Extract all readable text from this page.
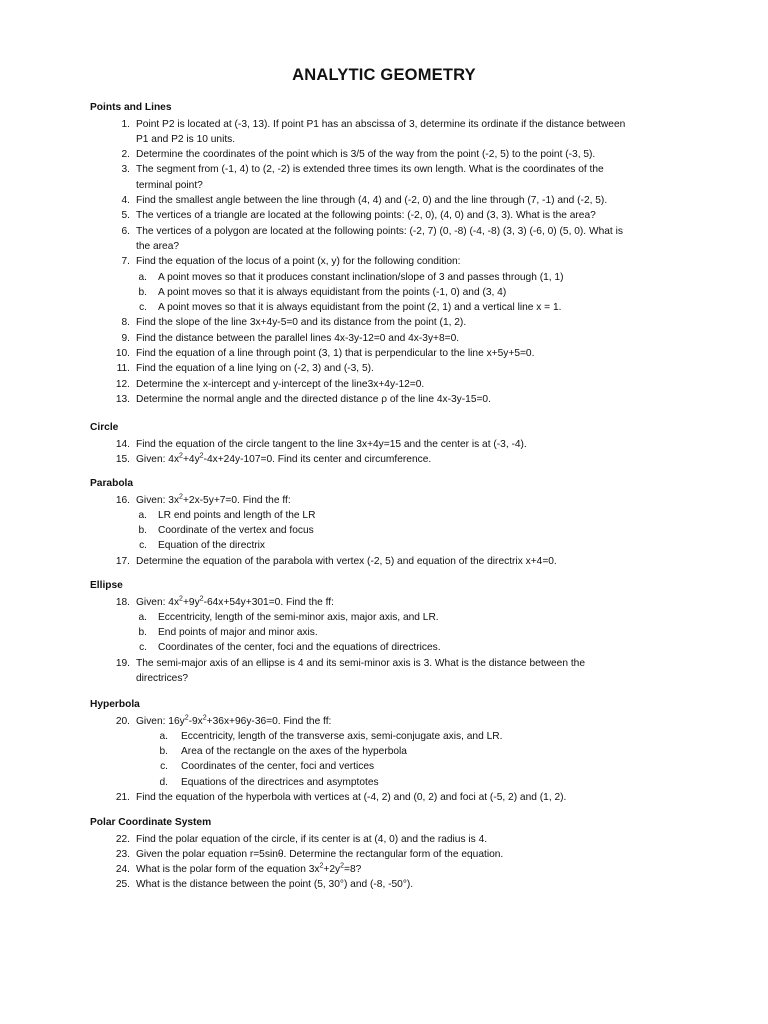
ANALYTIC GEOMETRY
Points and Lines
1. Point P2 is located at (-3, 13). If point P1 has an abscissa of 3, determine its ordinate if the distance between
P1 and P2 is 10 units.
2. Determine the coordinates of the point which is 3/5 of the way from the point (-2, 5) to the point (-3, 5).
3. The segment from (-1, 4) to (2, -2) is extended three times its own length. What is the coordinates of the
terminal point?
4. Find the smallest angle between the line through (4, 4) and (-2, 0) and the line through (7, -1) and (-2, 5).
5. The vertices of a triangle are located at the following points: (-2, 0), (4, 0) and (3, 3). What is the area?
6. The vertices of a polygon are located at the following points: (-2, 7) (0, -8) (-4, -8) (3, 3) (-6, 0) (5, 0). What is
the area?
7. Find the equation of the locus of a point (x, y) for the following condition:
a. A point moves so that it produces constant inclination/slope of 3 and passes through (1, 1)
b. A point moves so that it is always equidistant from the points (-1, 0) and (3, 4)
c. A point moves so that it is always equidistant from the point (2, 1) and a vertical line x = 1.
8. Find the slope of the line 3x+4y-5=0 and its distance from the point (1, 2).
9. Find the distance between the parallel lines 4x-3y-12=0 and 4x-3y+8=0.
10. Find the equation of a line through point (3, 1) that is perpendicular to the line x+5y+5=0.
11. Find the equation of a line lying on (-2, 3) and (-3, 5).
12. Determine the x-intercept and y-intercept of the line3x+4y-12=0.
13. Determine the normal angle and the directed distance ρ of the line 4x-3y-15=0.
Circle
14. Find the equation of the circle tangent to the line 3x+4y=15 and the center is at (-3, -4).
15. Given: $4x^2+4y^2-4x+24y-107=0$. Find its center and circumference.
Parabola
16. Given: $3x^2+2x-5y+7=0$. Find the ff:
a. LR end points and length of the LR
b. Coordinate of the vertex and focus
c. Equation of the directrix
17. Determine the equation of the parabola with vertex (-2, 5) and equation of the directrix x+4=0.
Ellipse
18. Given: $4x^2+9y^2-64x+54y+301=0$. Find the ff:
a. Eccentricity, length of the semi-minor axis, major axis, and LR.
b. End points of major and minor axis.
c. Coordinates of the center, foci and the equations of directrices.
19. The semi-major axis of an ellipse is 4 and its semi-minor axis is 3. What is the distance between the
directrices?
Hyperbola
20. Given: $16y^2-9x^2+36x+96y-36=0$. Find the ff:
a. Eccentricity, length of the transverse axis, semi-conjugate axis, and LR.
b. Area of the rectangle on the axes of the hyperbola
c. Coordinates of the center, foci and vertices
d. Equations of the directrices and asymptotes
21. Find the equation of the hyperbola with vertices at (-4, 2) and (0, 2) and foci at (-5, 2) and (1, 2).
Polar Coordinate System
22. Find the polar equation of the circle, if its center is at (4, 0) and the radius is 4.
23. Given the polar equation r=5sinθ. Determine the rectangular form of the equation.
24. What is the polar form of the equation $3x^2+2y^2=8$?
25. What is the distance between the point (5, 30°) and (-8, -50°).
